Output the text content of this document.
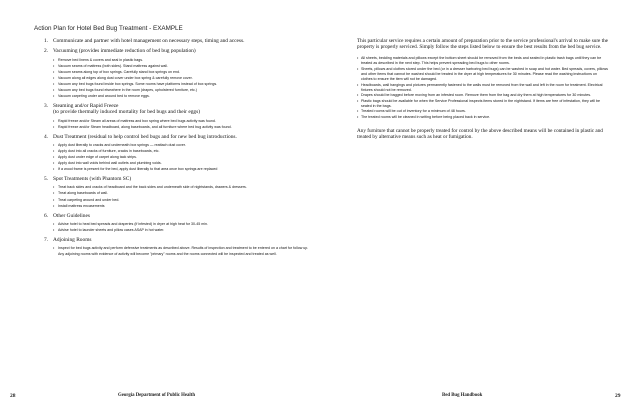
Action Plan for Hotel Bed Bug Treatment - EXAMPLE
1. Communicate and partner with hotel management on necessary steps, timing and access.
2. Vacuuming (provides immediate reduction of bed bug population)
• Remove bed linens & covers and seal in plastic bags.
• Vacuum seams of mattress (both sides). Stand mattress against wall.
• Vacuum seams along top of box springs. Carefully stand box springs on end.
• Vacuum along all edges along dust cover under box spring & carefully remove cover.
• Vacuum any bed bugs found inside box springs. Some rooms have platforms instead of box springs.
• Vacuum any bed bugs found elsewhere in the room (drapes, upholstered furniture, etc.)
• Vacuum carpeting under and around bed to remove eggs.
3. Steaming and/or Rapid Freeze
(to provide thermally induced mortality for bed bugs and their eggs)
• Rapid freeze and/or Steam all areas of mattress and box spring where bed bugs activity was found.
• Rapid freeze and/or Steam headboard, along baseboards, and all furniture where bed bug activity was found.
4. Dust Treatment (residual to help control bed bugs and for new bed bug introductions.
• Apply dust liberally to cracks and underneath box springs — reattach dust cover.
• Apply dust into all cracks of furniture, cracks in baseboards, etc.
• Apply dust under edge of carpet along tack strips.
• Apply dust into wall voids behind wall outlets and plumbing voids.
• If a wood frame is present for the bed, apply dust liberally to that area once box springs are replaced
5. Spot Treatments (with Phantom SC)
• Treat back sides and cracks of headboard and the back sides and underneath side of nightstands, drawers & dressers.
• Treat along baseboards of wall.
• Treat carpeting around and under bed.
• Install mattress encasements
6. Other Guidelines
• Advise hotel to heat bed spreads and draperies (if infested) in dryer at high heat for 30-45 min.
• Advise hotel to launder sheets and pillow cases ASAP in hot water.
7. Adjoining Rooms
• Inspect for bed bugs activity and perform defensive treatments as described above. Results of inspection and treatment to be entered on a chart for follow up. Any adjoining rooms with evidence of activity will become "primary" rooms and the rooms connected will be inspected and treated as well.
28	Georgia Department of Public Health

This particular service requires a certain amount of preparation prior to the service professional's arrival to make sure the property is properly serviced. Simply follow the steps listed below to ensure the best results from the bed bug service.

• All sheets, bedding materials and pillows except the bottom sheet should be removed from the beds and sealed in plastic trash bags until they can be treated as described in the next step. This helps prevent spreading bed bugs to other rooms.
• Sheets, pillows and clothes stored under the bed (or in a dresser harboring bed bugs) can be washed in soap and hot water. Bed spreads, covers, pillows and other items that cannot be washed should be treated in the dryer at high temperatures for 30 minutes. Please read the washing instructions on clothes to ensure the item will not be damaged.
• Headboards, wall hangings and pictures permanently fastened to the walls must be removed from the wall and left in the room for treatment. Electrical fixtures should not be removed.
• Drapes should be bagged before moving from an infested room. Remove them from the bag and dry them at high temperatures for 30 minutes.
• Plastic bags should be available for when the Service Professional inspects items stored in the nightstand. If items are free of infestation, they will be sealed in the bags.
• Treated rooms will be out of inventory for a minimum of 48 hours.
• The treated rooms will be cleaned in writing before being placed back in service.

Any furniture that cannot be properly treated for control by the above described means will be contained in plastic and treated by alternative means such as heat or fumigation.

Bed Bug Handbook	29
